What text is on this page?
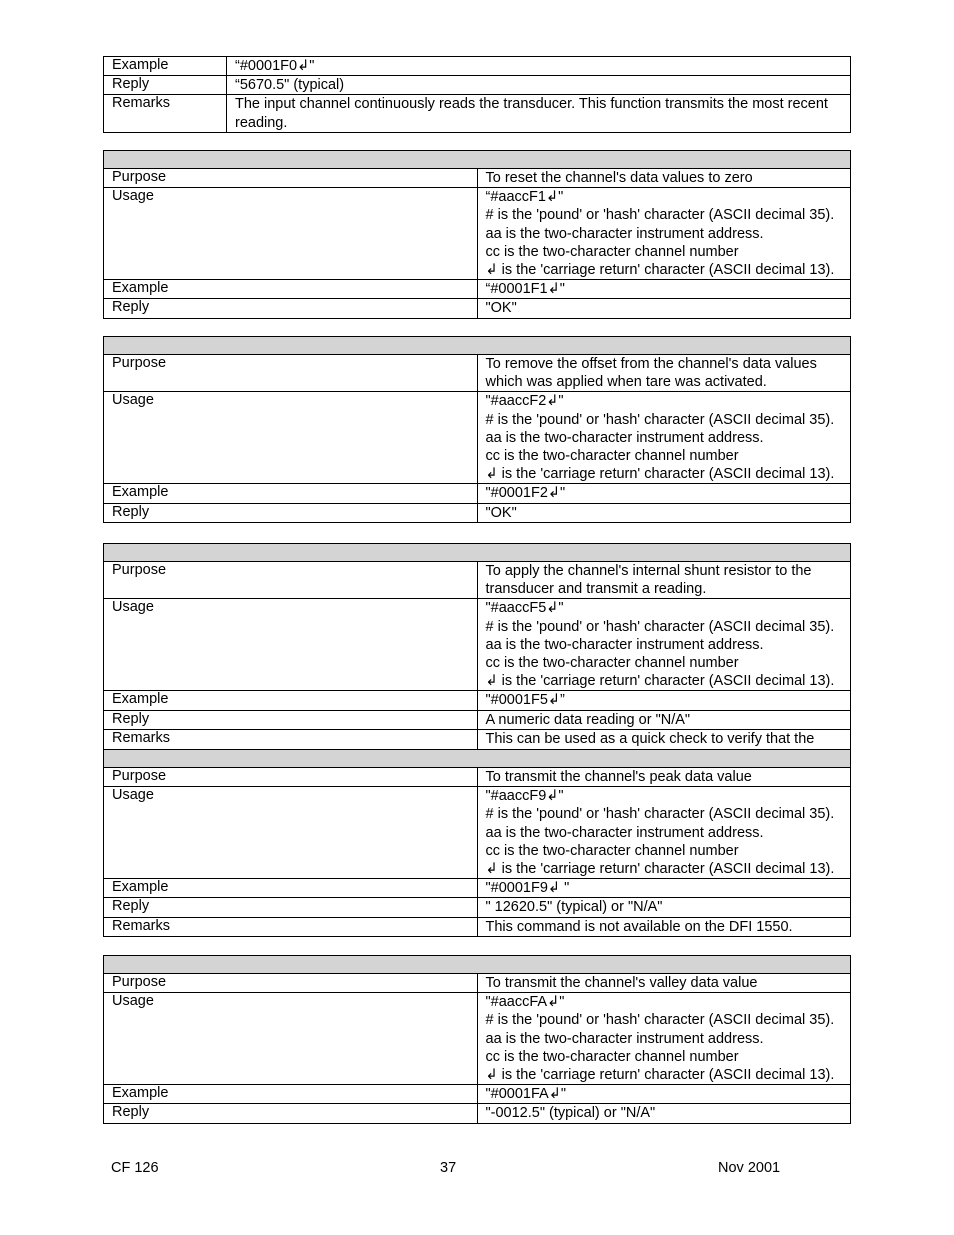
Example	“#0001F0↲"

Reply	“5670.5" (typical)

Remarks	The input channel continuously reads the transducer. This function transmits the most recent reading.

Purpose	To reset the channel's data values to zero

Usage	“#aaccF1↲"
# is the 'pound' or 'hash' character (ASCII decimal 35).
aa is the two-character instrument address.
cc is the two-character channel number
↲ is the 'carriage return' character (ASCII decimal 13).

Example	“#0001F1↲"

Reply	"OK"

Purpose	To remove the offset from the channel's data values which was applied when tare was activated.

Usage	"#aaccF2↲"
# is the 'pound' or 'hash' character (ASCII decimal 35).
aa is the two-character instrument address.
cc is the two-character channel number
↲ is the 'carriage return' character (ASCII decimal 13).

Example	"#0001F2↲"

Reply	"OK"

Purpose	To apply the channel's internal shunt resistor to the transducer and transmit a reading.

Usage	"#aaccF5↲"
# is the 'pound' or 'hash' character (ASCII decimal 35).
aa is the two-character instrument address.
cc is the two-character channel number
↲ is the 'carriage return' character (ASCII decimal 13).

Example	"#0001F5↲”

Reply	A numeric data reading or "N/A"

Remarks	This can be used as a quick check to verify that the

Purpose	To transmit the channel's peak data value

Usage	"#aaccF9↲"
# is the 'pound' or 'hash' character (ASCII decimal 35).
aa is the two-character instrument address.
cc is the two-character channel number
↲ is the 'carriage return' character (ASCII decimal 13).

Example	"#0001F9↲ "

Reply	" 12620.5" (typical) or "N/A"

Remarks	This command is not available on the DFI 1550.

Purpose	To transmit the channel's valley data value

Usage	"#aaccFA↲"
# is the 'pound' or 'hash' character (ASCII decimal 35).
aa is the two-character instrument address.
cc is the two-character channel number
↲ is the 'carriage return' character (ASCII decimal 13).

Example	"#0001FA↲"

Reply	"-0012.5" (typical) or "N/A"
CF 126	37	Nov 2001
